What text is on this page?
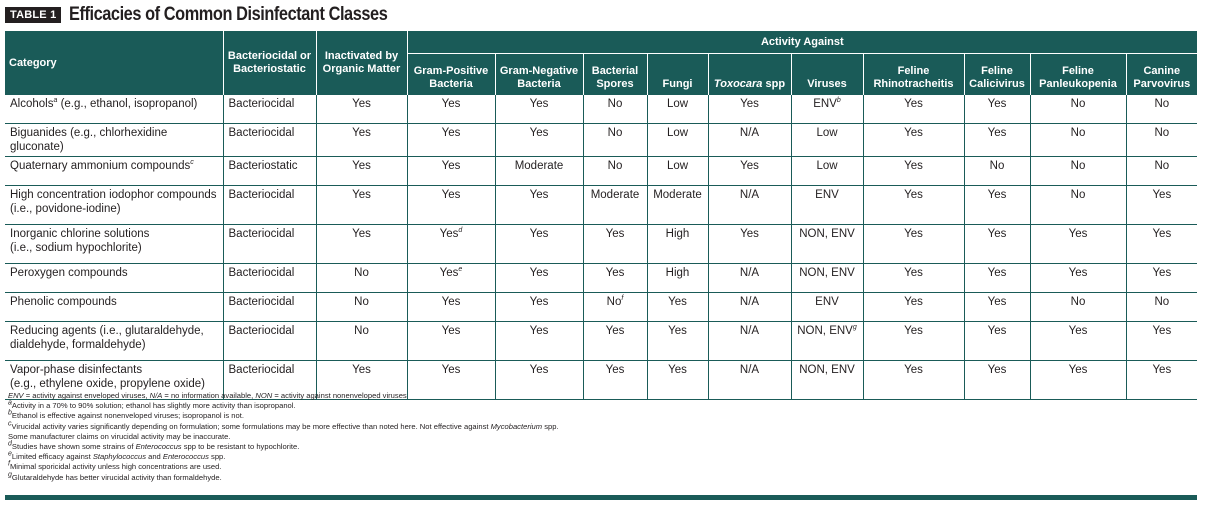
TABLE 1 Efficacies of Common Disinfectant Classes
Category	Bacteriocidal or Bacteriostatic	Inactivated by Organic Matter	Activity Against									
			Gram-Positive Bacteria	Gram-Negative Bacteria	Bacterial Spores	Fungi	Toxocara spp	Viruses	Feline Rhinotracheitis	Feline Calicivirus	Feline Panleukopenia	Canine Parvovirus
Alcohols$^a$ (e.g., ethanol, isopropanol)	Bacteriocidal	Yes	Yes	Yes	No	Low	Yes	ENV$^b$	Yes	Yes	No	No
Biguanides (e.g., chlorhexidine gluconate)	Bacteriocidal	Yes	Yes	Yes	No	Low	N/A	Low	Yes	Yes	No	No
Quaternary ammonium compounds$^c$	Bacteriostatic	Yes	Yes	Moderate	No	Low	Yes	Low	Yes	No	No	No
High concentration iodophor compounds
(i.e., povidone-iodine)	Bacteriocidal	Yes	Yes	Yes	Moderate	Moderate	N/A	ENV	Yes	Yes	No	Yes
Inorganic chlorine solutions
(i.e., sodium hypochlorite)	Bacteriocidal	Yes	Yes$^d$	Yes	Yes	High	Yes	NON, ENV	Yes	Yes	Yes	Yes
Peroxygen compounds	Bacteriocidal	No	Yes$^e$	Yes	Yes	High	N/A	NON, ENV	Yes	Yes	Yes	Yes
Phenolic compounds	Bacteriocidal	No	Yes	Yes	No$^f$	Yes	N/A	ENV	Yes	Yes	No	No
Reducing agents (i.e., glutaraldehyde,
dialdehyde, formaldehyde)	Bacteriocidal	No	Yes	Yes	Yes	Yes	N/A	NON, ENV$^g$	Yes	Yes	Yes	Yes
Vapor-phase disinfectants
(e.g., ethylene oxide, propylene oxide)	Bacteriocidal	Yes	Yes	Yes	Yes	Yes	N/A	NON, ENV	Yes	Yes	Yes	Yes
ENV = activity against enveloped viruses, N/A = no information available, NON = activity against nonenveloped viruses
$^a$Activity in a 70% to 90% solution; ethanol has slightly more activity than isopropanol.
$^b$Ethanol is effective against nonenveloped viruses; isopropanol is not.
$^c$Virucidal activity varies significantly depending on formulation; some formulations may be more effective than noted here. Not effective against Mycobacterium spp.
Some manufacturer claims on virucidal activity may be inaccurate.
$^d$Studies have shown some strains of Enterococcus spp to be resistant to hypochlorite.
$^e$Limited efficacy against Staphylococcus and Enterococcus spp.
$^f$Minimal sporicidal activity unless high concentrations are used.
$^g$Glutaraldehyde has better virucidal activity than formaldehyde.
